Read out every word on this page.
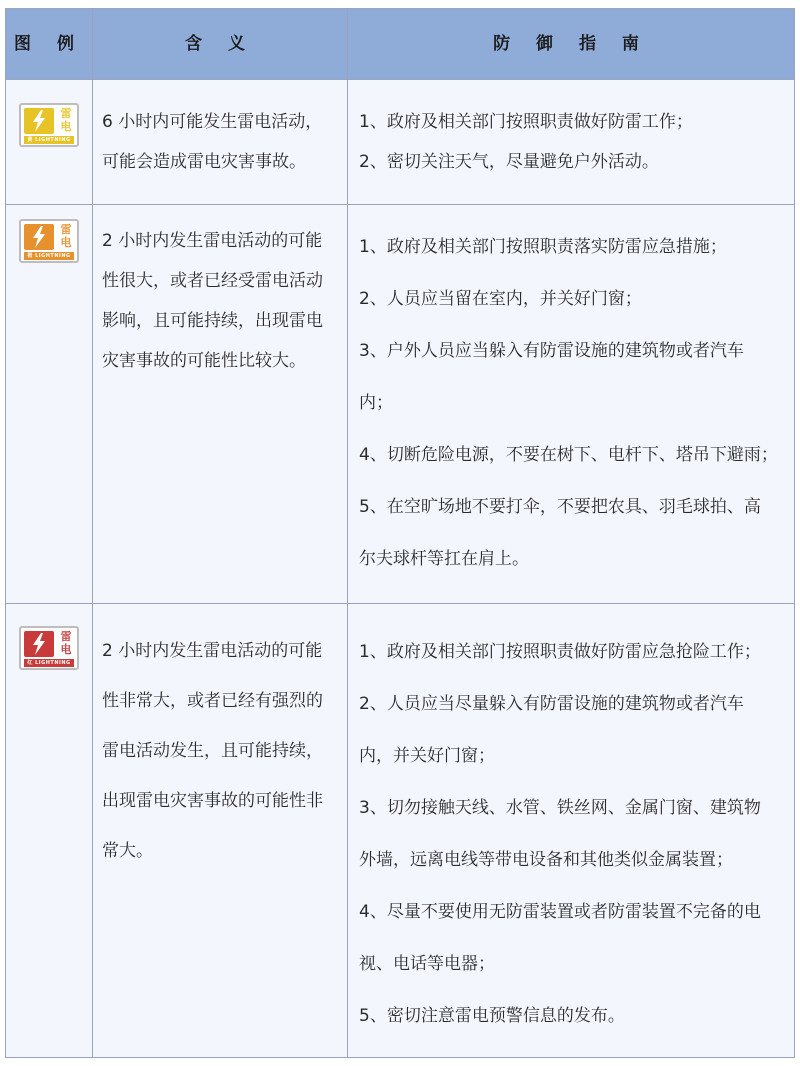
图 例	含 义	防 御 指 南
雷
电
黄 LIGHTNING
6 小时内可能发生雷电活动，
可能会造成雷电灾害事故。
1、政府及相关部门按照职责做好防雷工作；
2、密切关注天气，尽量避免户外活动。
雷
电
橙 LIGHTNING
2 小时内发生雷电活动的可能
性很大，或者已经受雷电活动
影响，且可能持续，出现雷电
灾害事故的可能性比较大。
1、政府及相关部门按照职责落实防雷应急措施；
2、人员应当留在室内，并关好门窗；
3、户外人员应当躲入有防雷设施的建筑物或者汽车
内；
4、切断危险电源，不要在树下、电杆下、塔吊下避雨；
5、在空旷场地不要打伞，不要把农具、羽毛球拍、高
尔夫球杆等扛在肩上。
雷
电
红 LIGHTNING
2 小时内发生雷电活动的可能
性非常大，或者已经有强烈的
雷电活动发生，且可能持续，
出现雷电灾害事故的可能性非
常大。
1、政府及相关部门按照职责做好防雷应急抢险工作；
2、人员应当尽量躲入有防雷设施的建筑物或者汽车
内，并关好门窗；
3、切勿接触天线、水管、铁丝网、金属门窗、建筑物
外墙，远离电线等带电设备和其他类似金属装置；
4、尽量不要使用无防雷装置或者防雷装置不完备的电
视、电话等电器；
5、密切注意雷电预警信息的发布。
